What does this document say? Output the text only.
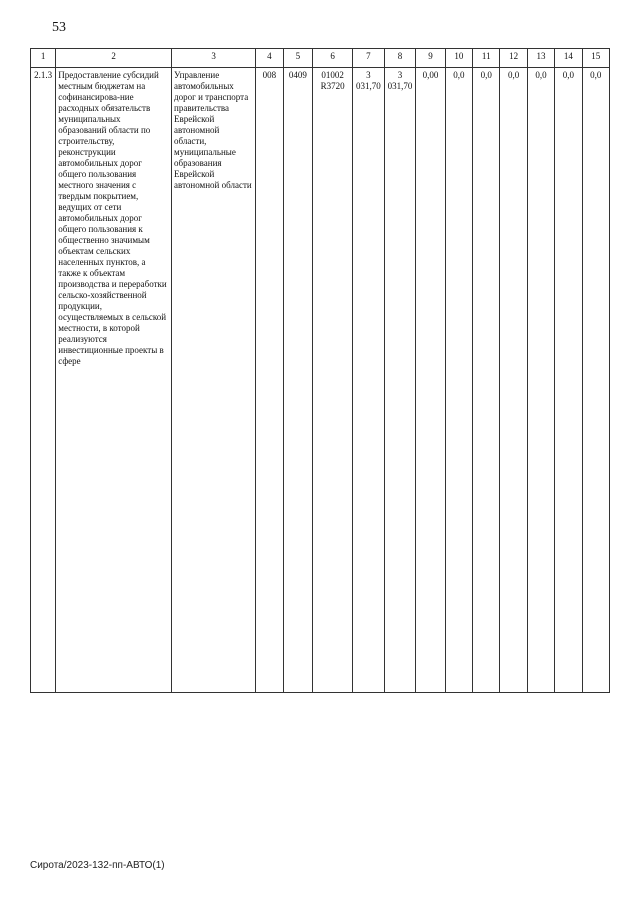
53
1	2	3	4	5	6	7	8	9	10	11	12	13	14	15
2.1.3	Предоставление субсидий местным бюджетам на софинансирова-ние расходных обязательств муниципальных образований области по строительству, реконструкции автомобильных дорог общего пользования местного значения с твердым покрытием, ведущих от сети автомобильных дорог общего пользования к общественно значимым объектам сельских населенных пунктов, а также к объектам производства и переработки сельско-хозяйственной продукции, осуществляемых в сельской местности, в которой реализуются инвестиционные проекты в сфере	Управление автомобильных дорог и транспорта правительства Еврейской автономной области, муниципальные образования Еврейской автономной области	008	0409	01002 R3720	3 031,70	3 031,70	0,00	0,0	0,0	0,0	0,0	0,0	0,0
Сирота/2023-132-пп-АВТО(1)
